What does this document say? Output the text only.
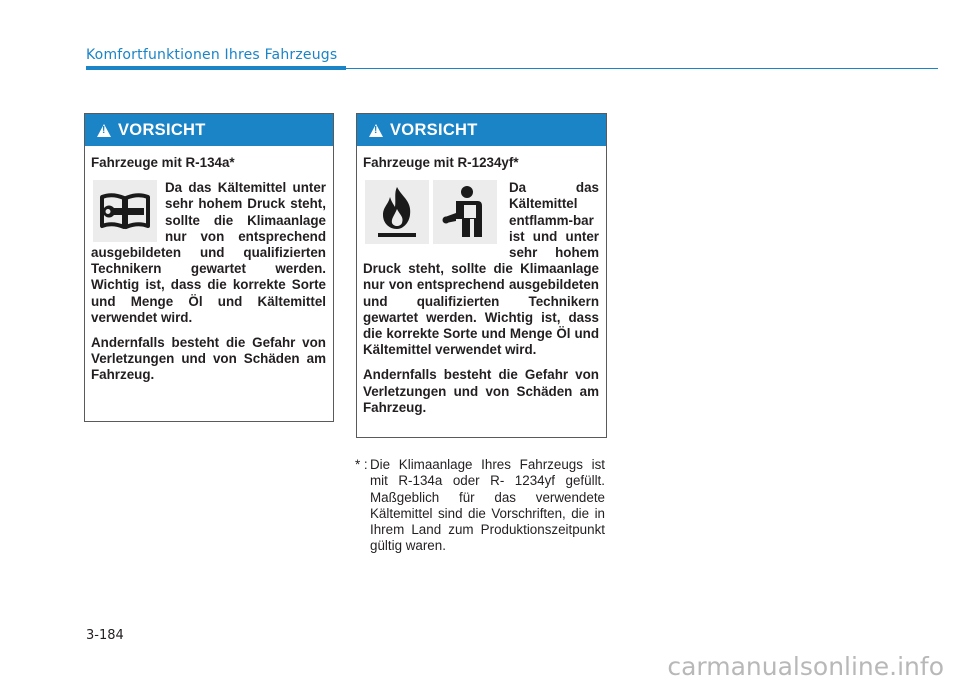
Komfortfunktionen Ihres Fahrzeugs
!
VORSICHT

Fahrzeuge mit R-134a*

Da das Kältemittel unter sehr hohem Druck steht, sollte die Klimaanlage nur von entsprechend ausgebildeten und qualifizierten Technikern gewartet werden. Wichtig ist, dass die korrekte Sorte und Menge Öl und Kältemittel verwendet wird.

Andernfalls besteht die Gefahr von Verletzungen und von Schäden am Fahrzeug.

!
VORSICHT

Fahrzeuge mit R-1234yf*

Da das Kältemittel entflamm-bar ist und unter sehr hohem Druck steht, sollte die Klimaanlage nur von entsprechend ausgebildeten und qualifizierten Technikern gewartet werden. Wichtig ist, dass die korrekte Sorte und Menge Öl und Kältemittel verwendet wird.

Andernfalls besteht die Gefahr von Verletzungen und von Schäden am Fahrzeug.

* : Die Klimaanlage Ihres Fahrzeugs ist mit R-134a oder R- 1234yf gefüllt. Maßgeblich für das verwendete Kältemittel sind die Vorschriften, die in Ihrem Land zum Produktionszeitpunkt gültig waren.

3-184
carmanualsonline.info
